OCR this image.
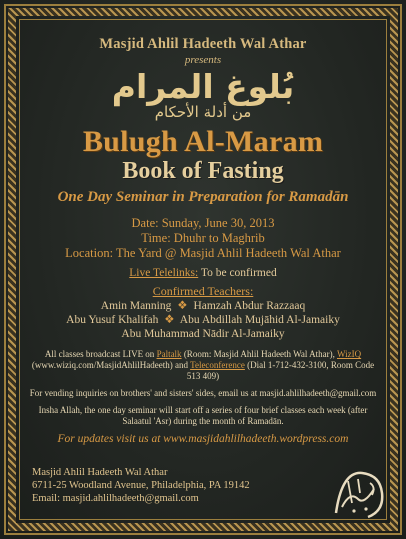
Masjid Ahlil Hadeeth Wal Athar
presents
بُلوغ المرام
من أدلة الأحكام
Bulugh Al-Maram
Book of Fasting
One Day Seminar in Preparation for Ramadān
Date: Sunday, June 30, 2013
Time: Dhuhr to Maghrib
Location: The Yard @ Masjid Ahlil Hadeeth Wal Athar
Live Telelinks: To be confirmed
Confirmed Teachers:
Amin Manning ❖ Hamzah Abdur Razzaaq
Abu Yusuf Khalifah ❖ Abu Abdillah Mujāhid Al-Jamaiky
Abu Muhammad Nādir Al-Jamaiky

All classes broadcast LIVE on Paltalk (Room: Masjid Ahlil Hadeeth Wal Athar), WizIQ (www.wiziq.com/MasjidAhlilHadeeth) and Teleconference (Dial 1-712-432-3100, Room Code 513 409)

For vending inquiries on brothers' and sisters' sides, email us at masjid.ahlilhadeeth@gmail.com

Insha Allah, the one day seminar will start off a series of four brief classes each week (after Salaatul 'Asr) during the month of Ramadān.

For updates visit us at www.masjidahlilhadeeth.wordpress.com
Masjid Ahlil Hadeeth Wal Athar
6711-25 Woodland Avenue, Philadelphia, PA 19142
Email: masjid.ahlilhadeeth@gmail.com
